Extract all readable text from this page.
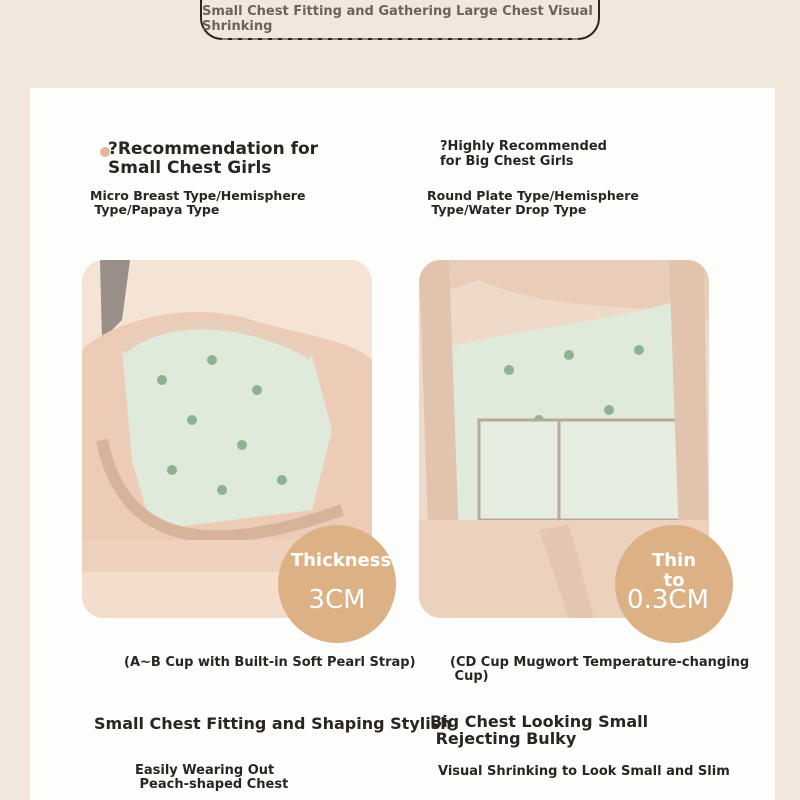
Small Chest Fitting and Gathering Large Chest Visual Shrinking
?Recommendation for
Small Chest Girls
?Highly Recommended
for Big Chest Girls
Micro Breast Type/Hemisphere
Type/Papaya Type
Round Plate Type/Hemisphere
Type/Water Drop Type
Thickness
3CM
Thin
to
0.3CM
(A~B Cup with Built-in Soft Pearl Strap)	(CD Cup Mugwort Temperature-changing
Cup)
Small Chest Fitting and Shaping Stylish
Big Chest Looking Small
Rejecting Bulky
Easily Wearing Out
Peach-shaped Chest
Visual Shrinking to Look Small and Slim
